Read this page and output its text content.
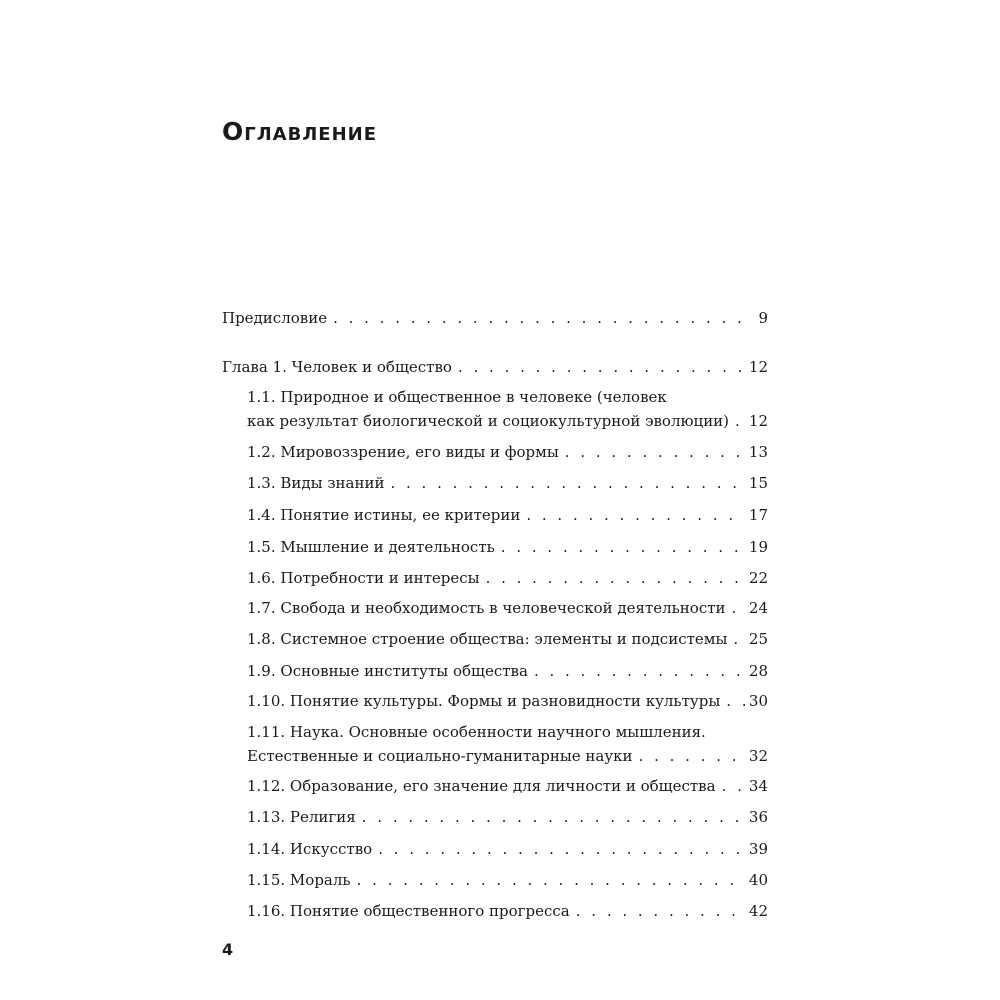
Оглавление
Предисловие . . .	9
Глава 1. Человек и общество . . .	12
1.1. Природное и общественное в человеке (человек
как результат биологической и социокультурной эволюции) . . . 12
1.2. Мировоззрение, его виды и формы . . .	13
1.3. Виды знаний . . .	15
1.4. Понятие истины, ее критерии . . .	17
1.5. Мышление и деятельность . . .	19
1.6. Потребности и интересы . . .	22
1.7. Свобода и необходимость в человеческой деятельности . . . 24
1.8. Системное строение общества: элементы и подсистемы . . . 25
1.9. Основные институты общества . . .	28
1.10. Понятие культуры. Формы и разновидности культуры . . . 30
1.11. Наука. Основные особенности научного мышления.
Естественные и социально-гуманитарные науки . . .	32
1.12. Образование, его значение для личности и общества . . . 34
1.13. Религия . . .	36
1.14. Искусство . . .	39
1.15. Мораль . . .	40
1.16. Понятие общественного прогресса . . .	42
4
